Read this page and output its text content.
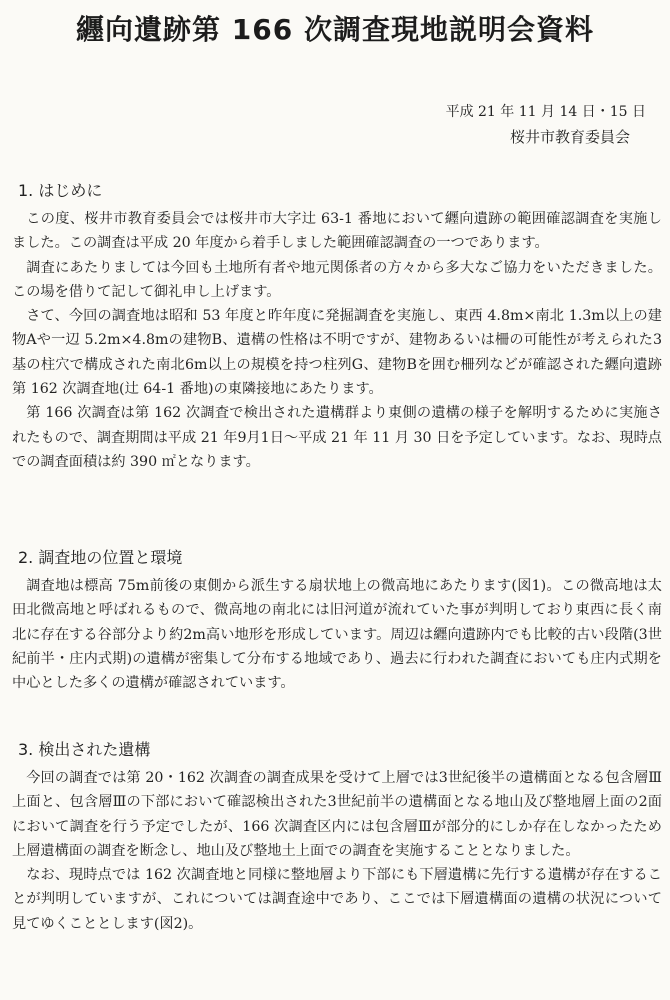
纒向遺跡第 166 次調査現地説明会資料
平成 21 年 11 月 14 日・15 日
桜井市教育委員会
1. はじめに

この度、桜井市教育委員会では桜井市大字辻 63-1 番地において纒向遺跡の範囲確認調査を実施しました。この調査は平成 20 年度から着手しました範囲確認調査の一つであります。

調査にあたりましては今回も土地所有者や地元関係者の方々から多大なご協力をいただきました。この場を借りて記して御礼申し上げます。

さて、今回の調査地は昭和 53 年度と昨年度に発掘調査を実施し、東西 4.8m×南北 1.3m以上の建物Aや一辺 5.2m×4.8mの建物B、遺構の性格は不明ですが、建物あるいは柵の可能性が考えられた3基の柱穴で構成された南北6m以上の規模を持つ柱列G、建物Bを囲む柵列などが確認された纒向遺跡第 162 次調査地(辻 64-1 番地)の東隣接地にあたります。

第 166 次調査は第 162 次調査で検出された遺構群より東側の遺構の様子を解明するために実施されたもので、調査期間は平成 21 年9月1日～平成 21 年 11 月 30 日を予定しています。なお、現時点での調査面積は約 390 ㎡となります。

2. 調査地の位置と環境

調査地は標高 75m前後の東側から派生する扇状地上の微高地にあたります(図1)。この微高地は太田北微高地と呼ばれるもので、微高地の南北には旧河道が流れていた事が判明しており東西に長く南北に存在する谷部分より約2m高い地形を形成しています。周辺は纒向遺跡内でも比較的古い段階(3世紀前半・庄内式期)の遺構が密集して分布する地域であり、過去に行われた調査においても庄内式期を中心とした多くの遺構が確認されています。

3. 検出された遺構

今回の調査では第 20・162 次調査の調査成果を受けて上層では3世紀後半の遺構面となる包含層Ⅲ上面と、包含層Ⅲの下部において確認検出された3世紀前半の遺構面となる地山及び整地層上面の2面において調査を行う予定でしたが、166 次調査区内には包含層Ⅲが部分的にしか存在しなかったため上層遺構面の調査を断念し、地山及び整地土上面での調査を実施することとなりました。

なお、現時点では 162 次調査地と同様に整地層より下部にも下層遺構に先行する遺構が存在することが判明していますが、これについては調査途中であり、ここでは下層遺構面の遺構の状況について見てゆくこととします(図2)。
